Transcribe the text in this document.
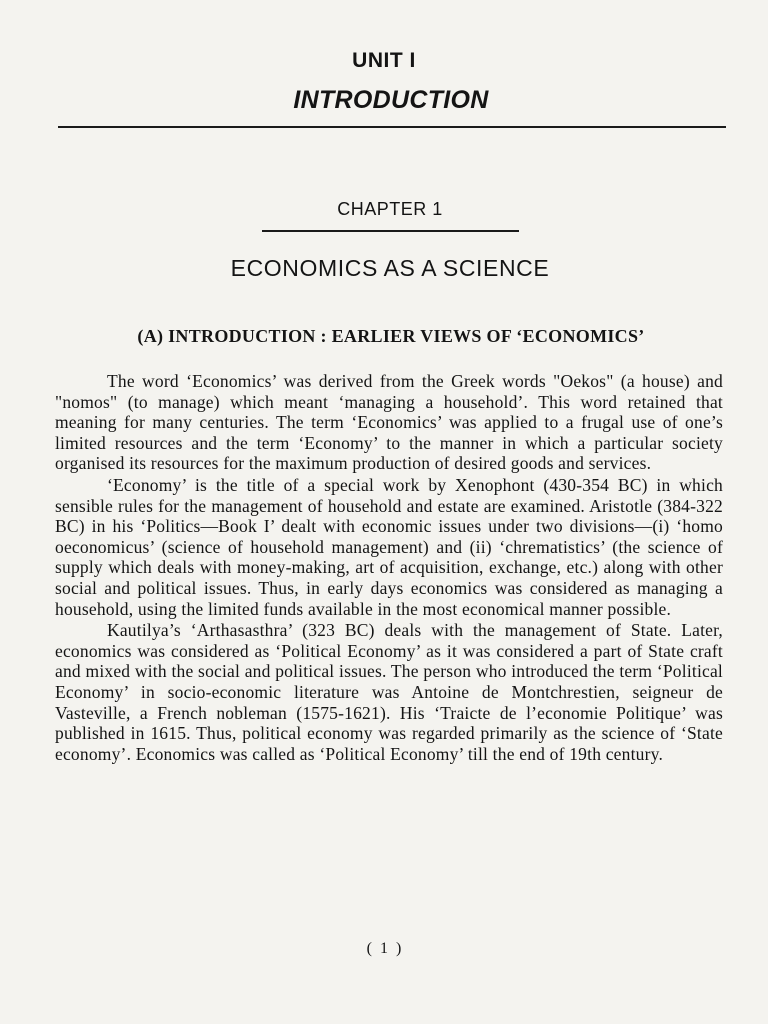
UNIT I
INTRODUCTION
CHAPTER 1
ECONOMICS AS A SCIENCE
(A) INTRODUCTION : EARLIER VIEWS OF ‘ECONOMICS’

The word ‘Economics’ was derived from the Greek words "Oekos" (a house) and "nomos" (to manage) which meant ‘managing a household’. This word retained that meaning for many centuries. The term ‘Economics’ was applied to a frugal use of one’s limited resources and the term ‘Economy’ to the manner in which a particular society organised its resources for the maximum production of desired goods and services.

‘Economy’ is the title of a special work by Xenophont (430-354 BC) in which sensible rules for the management of household and estate are examined. Aristotle (384-322 BC) in his ‘Politics—Book I’ dealt with economic issues under two divisions—(i) ‘homo oeconomicus’ (science of household management) and (ii) ‘chrematistics’ (the science of supply which deals with money-making, art of acquisition, exchange, etc.) along with other social and political issues. Thus, in early days economics was considered as managing a household, using the limited funds available in the most economical manner possible.

Kautilya’s ‘Arthasasthra’ (323 BC) deals with the management of State. Later, economics was considered as ‘Political Economy’ as it was considered a part of State craft and mixed with the social and political issues. The person who introduced the term ‘Political Economy’ in socio-economic literature was Antoine de Montchrestien, seigneur de Vasteville, a French nobleman (1575-1621). His ‘Traicte de l’economie Politique’ was published in 1615. Thus, political economy was regarded primarily as the science of ‘State economy’. Economics was called as ‘Political Economy’ till the end of 19th century.

( 1 )
